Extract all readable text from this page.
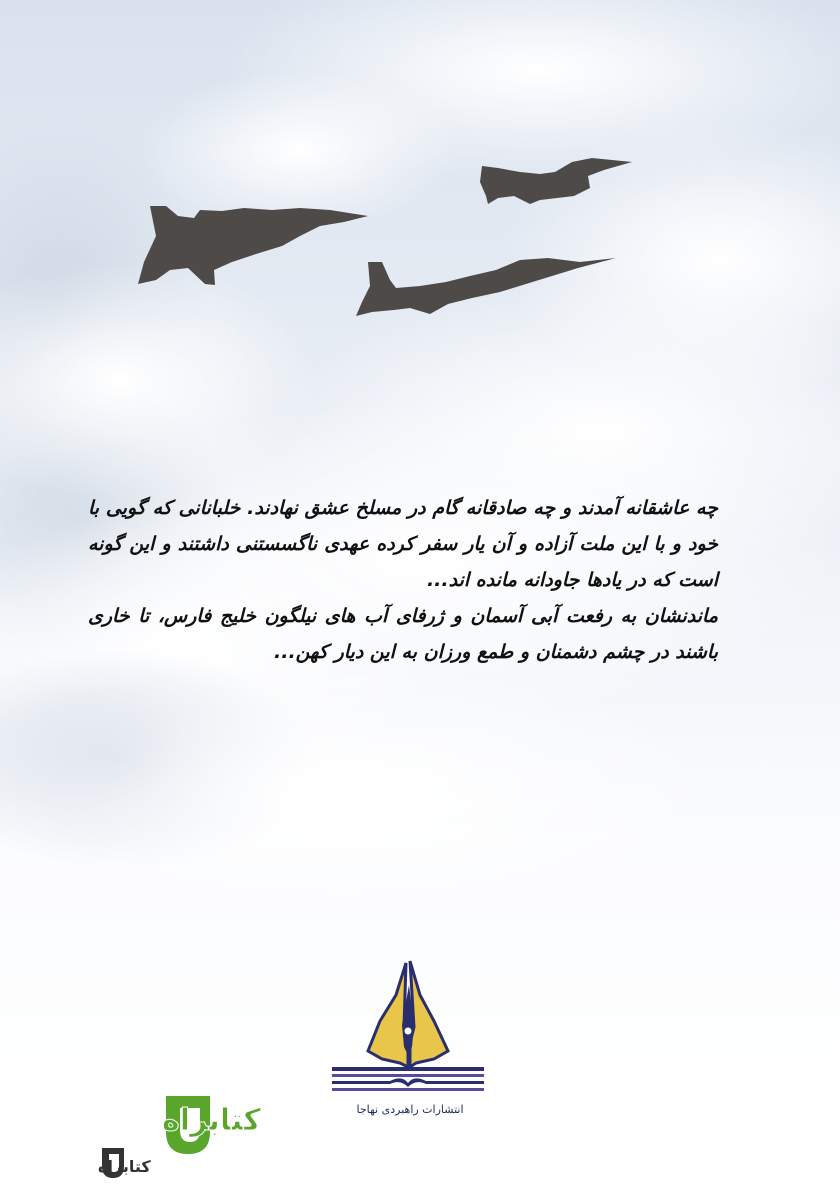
چه عاشقانه آمدند و چه صادقانه گام در مسلخ عشق نهادند. خلبانانی که گویی با خود و با این ملت آزاده و آن یار سفر کرده عهدی ناگسستنی داشتند و این گونه است که در یادها جاودانه مانده اند...

ماندنشان به رفعت آبی آسمان و ژرفای آب های نیلگون خلیج فارس، تا خاری باشند در چشم دشمنان و طمع ورزان به این دیار کهن...

انتشارات راهبردی نهاجا
کتابراه
کتابراه
